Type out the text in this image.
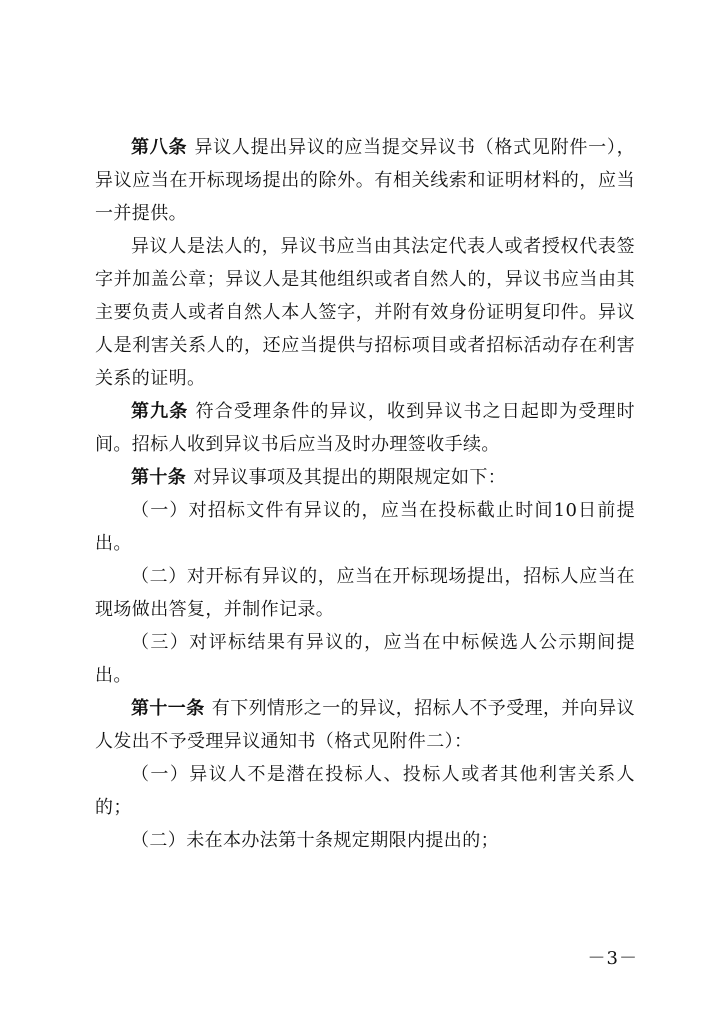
第八条 异议人提出异议的应当提交异议书（格式见附件一），异议应当在开标现场提出的除外。有相关线索和证明材料的，应当一并提供。

异议人是法人的，异议书应当由其法定代表人或者授权代表签字并加盖公章；异议人是其他组织或者自然人的，异议书应当由其主要负责人或者自然人本人签字，并附有效身份证明复印件。异议人是利害关系人的，还应当提供与招标项目或者招标活动存在利害关系的证明。

第九条 符合受理条件的异议，收到异议书之日起即为受理时间。招标人收到异议书后应当及时办理签收手续。

第十条 对异议事项及其提出的期限规定如下：

（一）对招标文件有异议的，应当在投标截止时间10日前提出。

（二）对开标有异议的，应当在开标现场提出，招标人应当在现场做出答复，并制作记录。

（三）对评标结果有异议的，应当在中标候选人公示期间提出。

第十一条 有下列情形之一的异议，招标人不予受理，并向异议人发出不予受理异议通知书（格式见附件二）：

（一）异议人不是潜在投标人、投标人或者其他利害关系人的；

（二）未在本办法第十条规定期限内提出的；

－3－
